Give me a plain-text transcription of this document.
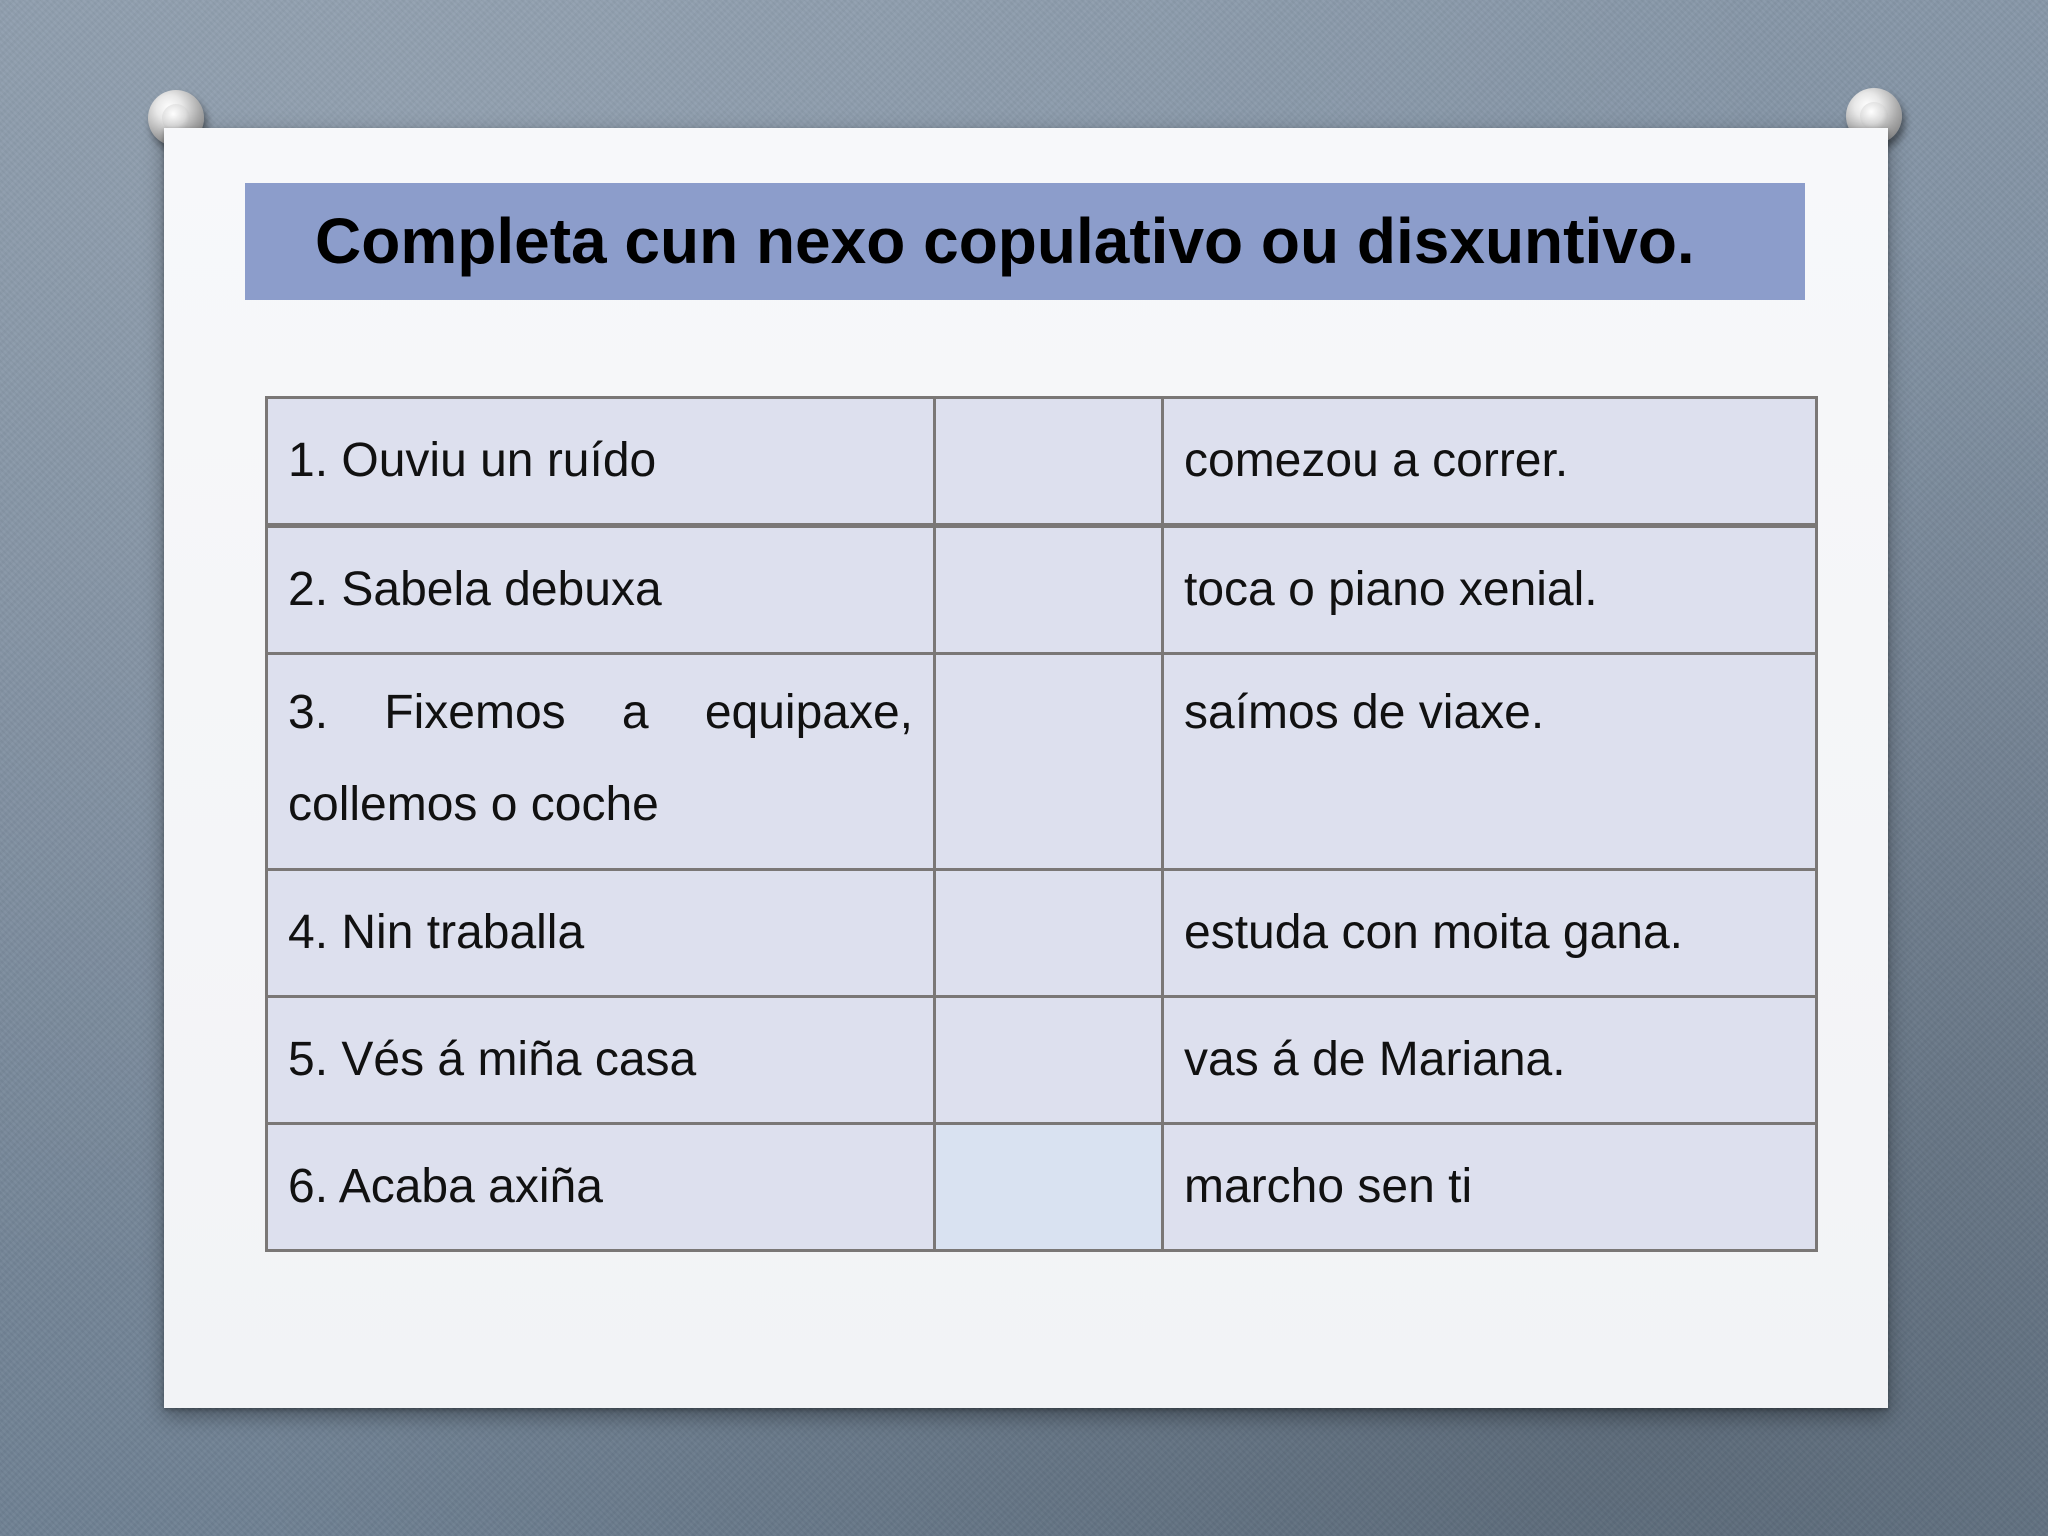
Completa cun nexo copulativo ou disxuntivo.
1. Ouviu un ruído		comezou a correr.
2. Sabela debuxa		toca o piano xenial.
3. Fixemos a equipaxe, collemos o coche		saímos de viaxe.
4. Nin traballa		estuda con moita gana.
5. Vés á miña casa		vas á de Mariana.
6. Acaba axiña		marcho sen ti
